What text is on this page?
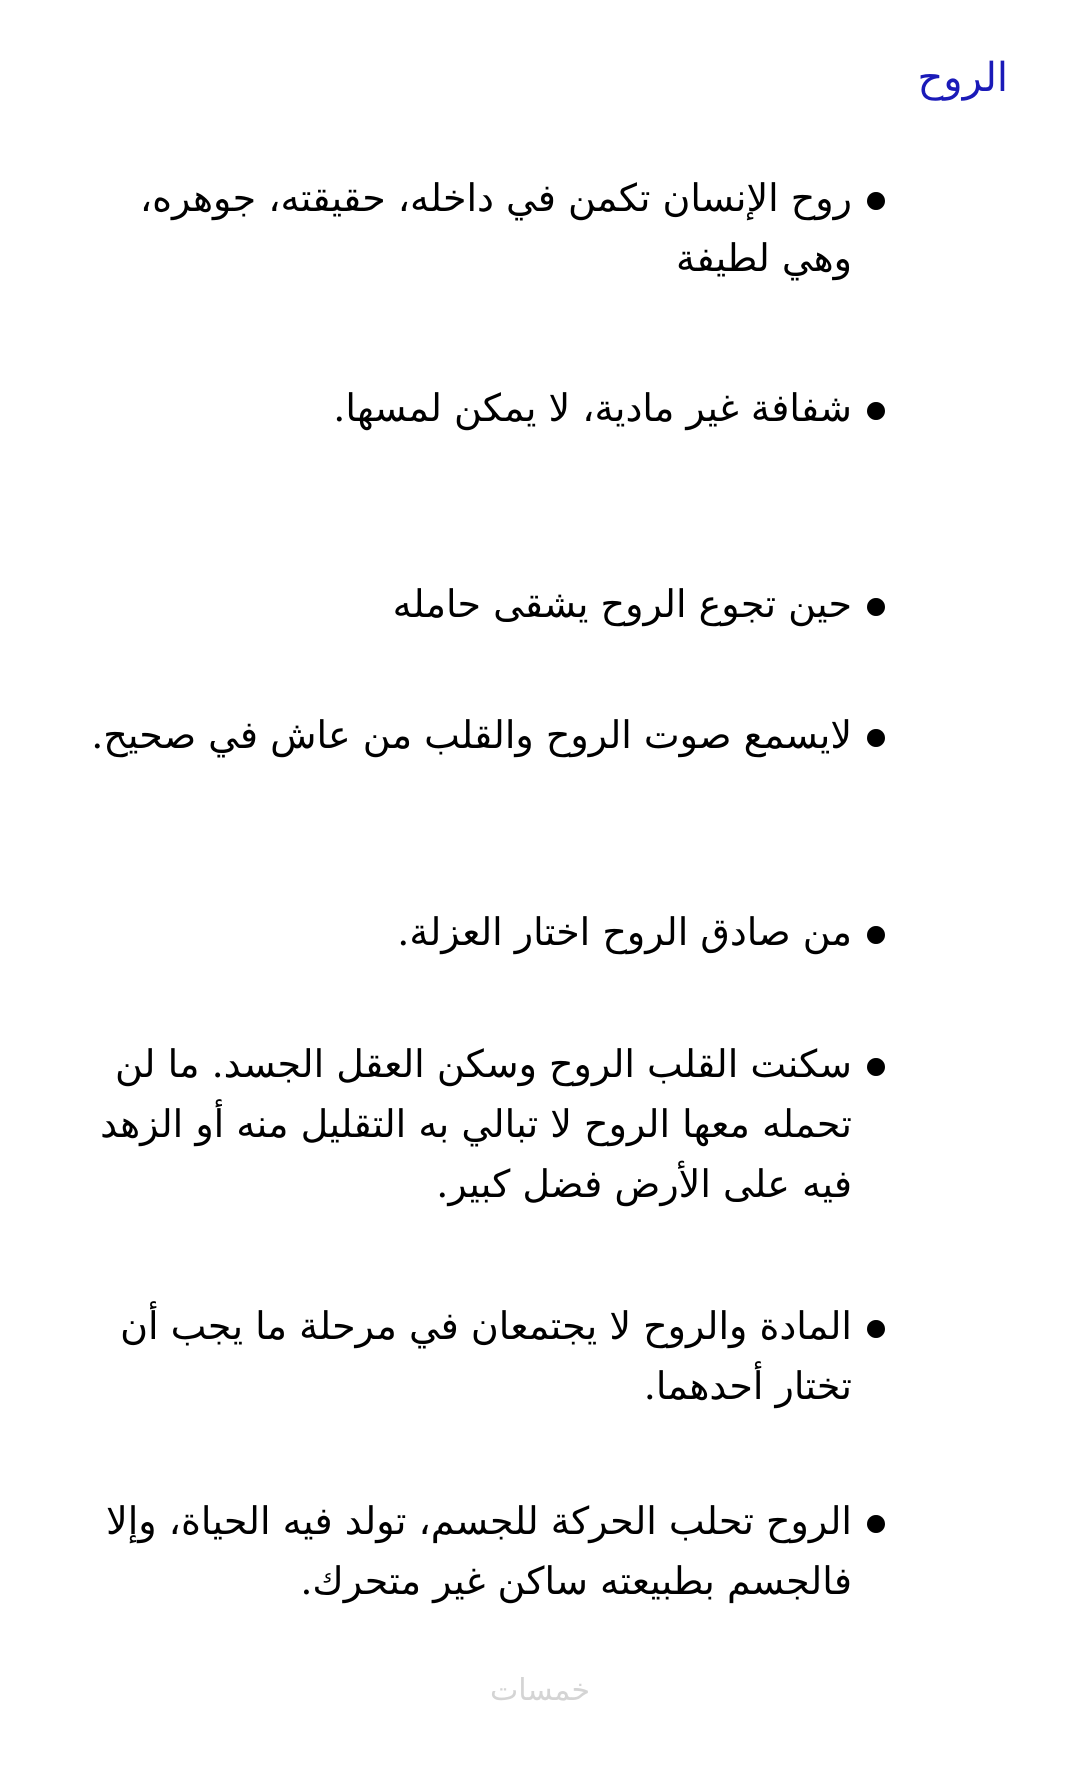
الروح
روح الإنسان تكمن في داخله، حقيقته، جوهره، وهي لطيفة
شفافة غير مادية، لا يمكن لمسها.
حين تجوع الروح يشقى حامله
لايسمع صوت الروح والقلب من عاش في صحيح.
من صادق الروح اختار العزلة.
سكنت القلب الروح وسكن العقل الجسد. ما لن تحمله معها الروح لا تبالي به التقليل منه أو الزهد فيه على الأرض فضل كبير.
المادة والروح لا يجتمعان في مرحلة ما يجب أن تختار أحدهما.
الروح تحلب الحركة للجسم، تولد فيه الحياة، وإلا فالجسم بطبيعته ساكن غير متحرك.
خمسات
